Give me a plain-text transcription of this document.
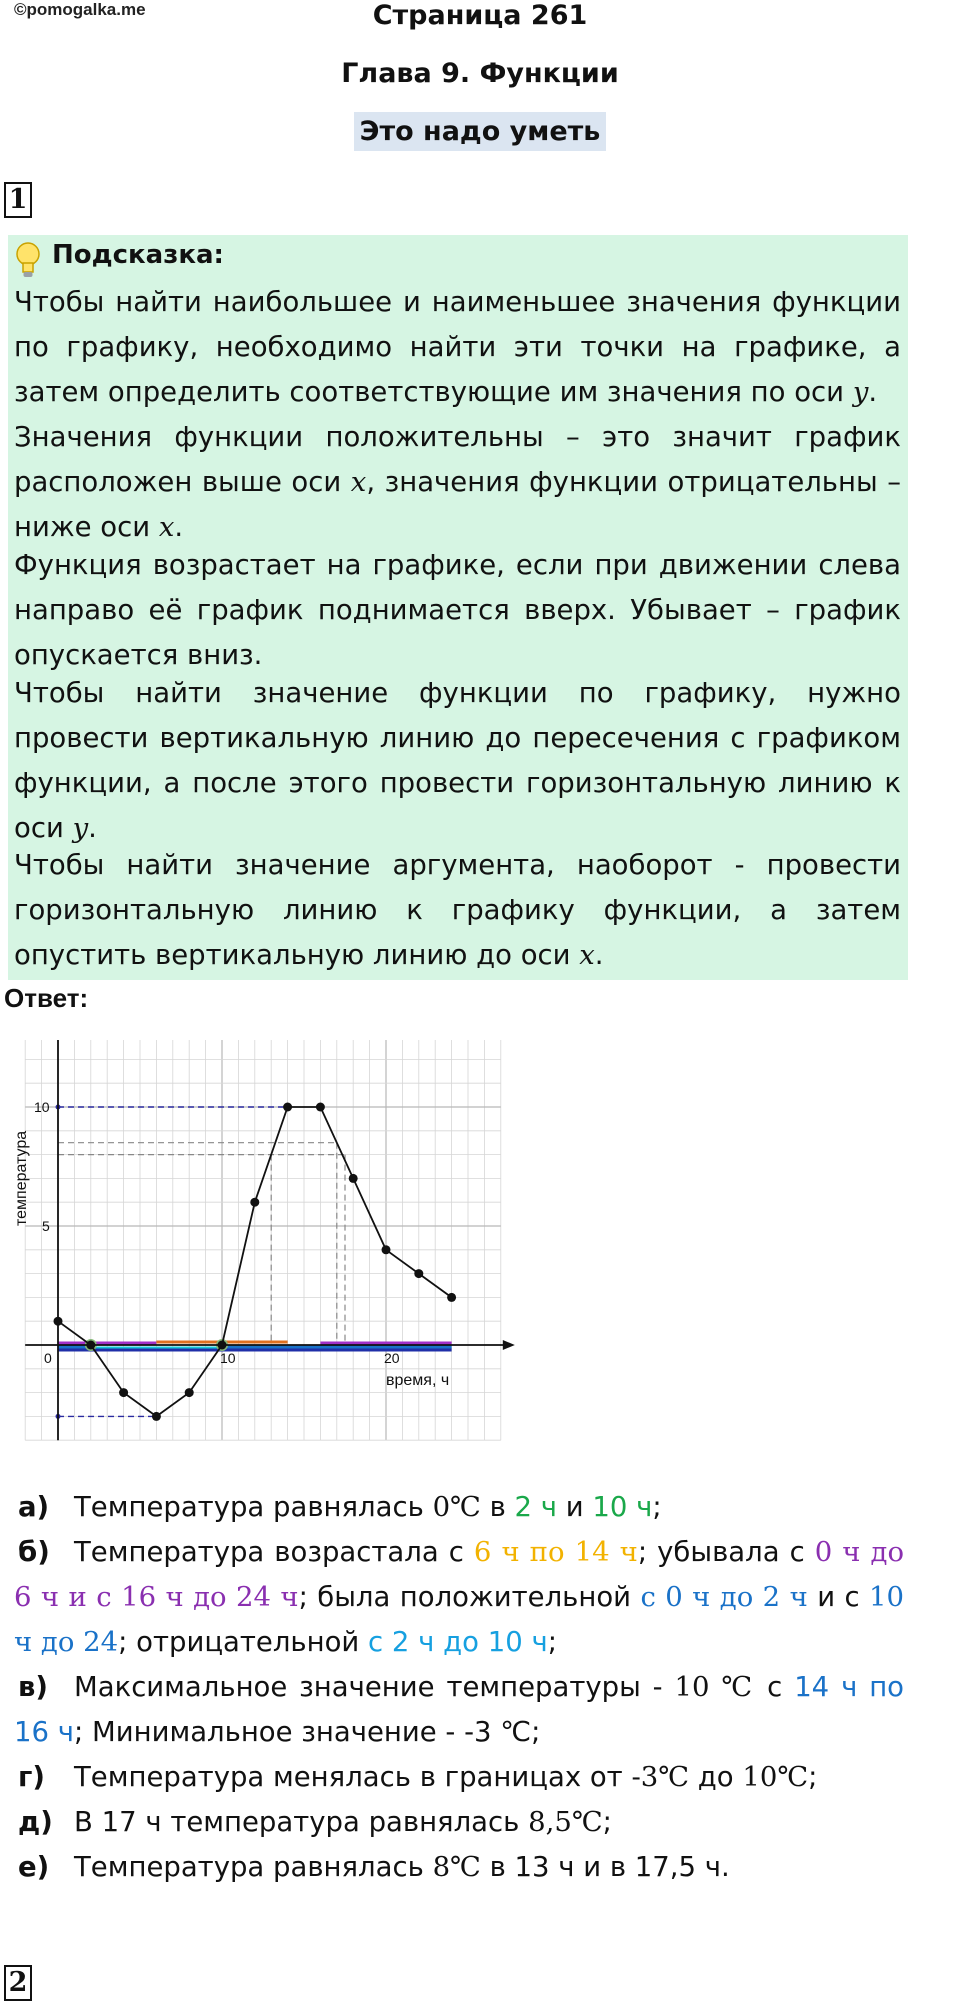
©pomogalka.me	Страница 261
Глава 9. Функции
Это надо уметь
1
Подсказка:
Чтобы найти наибольшее и наименьшее значения функции по графику, необходимо найти эти точки на графике, а затем определить соответствующие им значения по оси y.
Значения функции положительны – это значит график расположен выше оси x, значения функции отрицательны – ниже оси x.
Функция возрастает на графике, если при движении слева направо её график поднимается вверх. Убывает – график опускается вниз.
Чтобы найти значение функции по графику, нужно провести вертикальную линию до пересечения с графиком функции, а после этого провести горизонтальную линию к оси y.
Чтобы найти значение аргумента, наоборот - провести горизонтальную линию к графику функции, а затем опустить вертикальную линию до оси x.
Ответ:
0	10	20
5
10
время, ч
температура
а) Температура равнялась 0℃ в 2 ч и 10 ч;
б) Температура возрастала с 6 ч по 14 ч; убывала с 0 ч до 6 ч и с 16 ч до 24 ч; была положительной с 0 ч до 2 ч и с 10 ч до 24; отрицательной с 2 ч до 10 ч;
в) Максимальное значение температуры - 10 ℃ с 14 ч по 16 ч; Минимальное значение - -3 ℃;
г) Температура менялась в границах от -3℃ до 10℃;
д) В 17 ч температура равнялась 8,5℃;
е) Температура равнялась 8℃ в 13 ч и в 17,5 ч.
2
